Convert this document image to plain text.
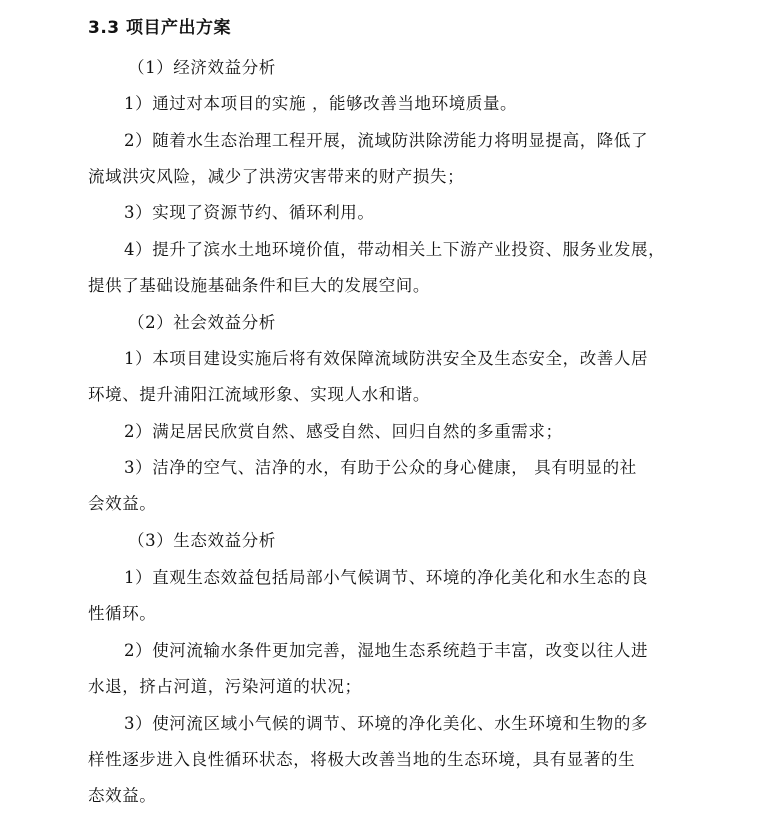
3.3 项目产出方案
（1）经济效益分析
1）通过对本项目的实施 ，能够改善当地环境质量。
2）随着水生态治理工程开展，流域防洪除涝能力将明显提高，降低了
流域洪灾风险，减少了洪涝灾害带来的财产损失；
3）实现了资源节约、循环利用。
4）提升了滨水土地环境价值，带动相关上下游产业投资、服务业发展，
提供了基础设施基础条件和巨大的发展空间。
（2）社会效益分析
1）本项目建设实施后将有效保障流域防洪安全及生态安全，改善人居
环境、提升浦阳江流域形象、实现人水和谐。
2）满足居民欣赏自然、感受自然、回归自然的多重需求；
3）洁净的空气、洁净的水，有助于公众的身心健康， 具有明显的社
会效益。
（3）生态效益分析
1）直观生态效益包括局部小气候调节、环境的净化美化和水生态的良
性循环。
2）使河流输水条件更加完善，湿地生态系统趋于丰富，改变以往人进
水退，挤占河道，污染河道的状况；
3）使河流区域小气候的调节、环境的净化美化、水生环境和生物的多
样性逐步进入良性循环状态，将极大改善当地的生态环境，具有显著的生
态效益。
